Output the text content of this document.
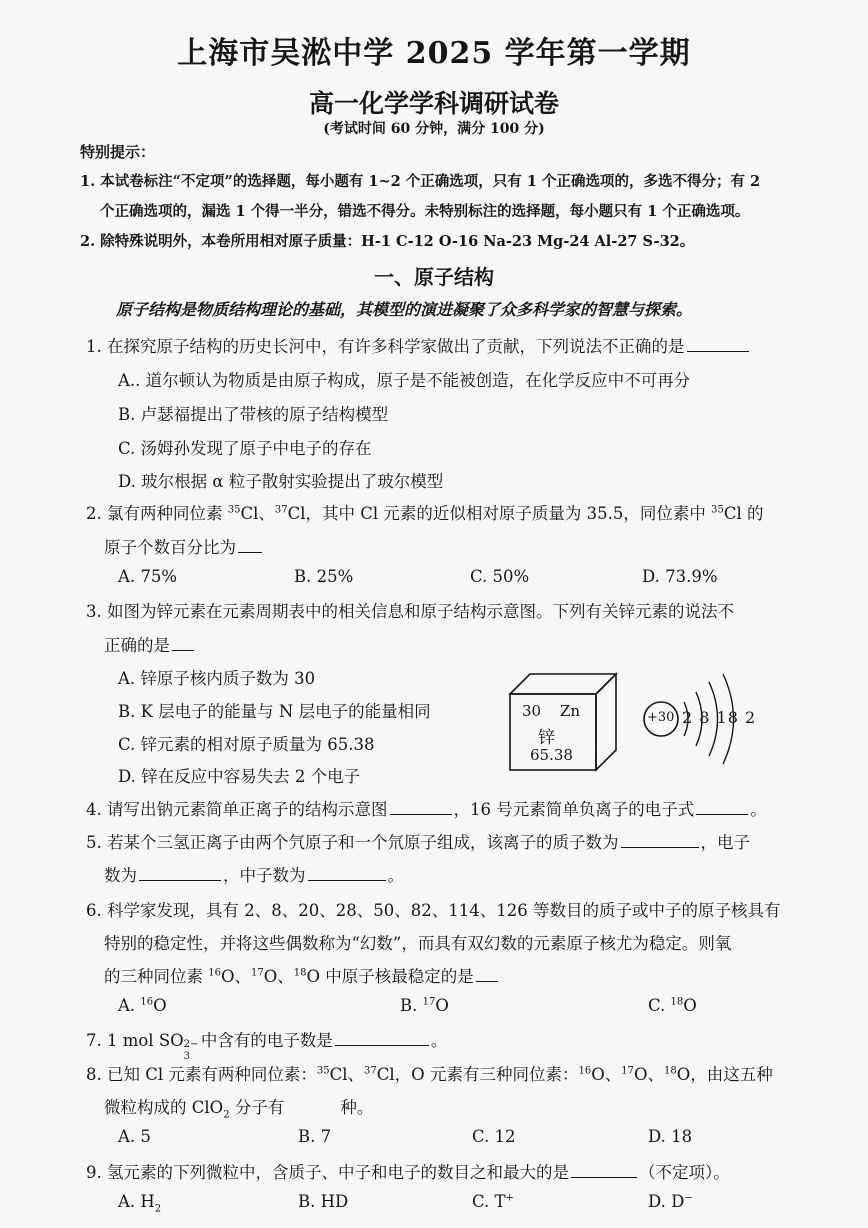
上海市吴淞中学 2025 学年第一学期
高一化学学科调研试卷
(考试时间 60 分钟，满分 100 分)
特别提示：
1. 本试卷标注“不定项”的选择题，每小题有 1~2 个正确选项，只有 1 个正确选项的，多选不得分；有 2
个正确选项的，漏选 1 个得一半分，错选不得分。未特别标注的选择题，每小题只有 1 个正确选项。
2. 除特殊说明外，本卷所用相对原子质量：H-1 C-12 O-16 Na-23 Mg-24 Al-27 S-32。
一、原子结构
原子结构是物质结构理论的基础，其模型的演进凝聚了众多科学家的智慧与探索。
1. 在探究原子结构的历史长河中，有许多科学家做出了贡献，下列说法不正确的是
A.. 道尔顿认为物质是由原子构成，原子是不能被创造，在化学反应中不可再分
B. 卢瑟福提出了带核的原子结构模型
C. 汤姆孙发现了原子中电子的存在
D. 玻尔根据 α 粒子散射实验提出了玻尔模型
2. 氯有两种同位素 $^{35}$Cl、$^{37}$Cl，其中 Cl 元素的近似相对原子质量为 35.5，同位素中 $^{35}$Cl 的
原子个数百分比为
A. 75%	B. 25%	C. 50%	D. 73.9%
3. 如图为锌元素在元素周期表中的相关信息和原子结构示意图。下列有关锌元素的说法不
正确的是
A. 锌原子核内质子数为 30
B. K 层电子的能量与 N 层电子的能量相同
C. 锌元素的相对原子质量为 65.38
D. 锌在反应中容易失去 2 个电子
30 Zn
锌
65.38
+30 2 8 18 2
4. 请写出钠元素简单正离子的结构示意图	，16 号元素简单负离子的电子式	。
5. 若某个三氢正离子由两个氕原子和一个氘原子组成，该离子的质子数为	，电子
数为	，中子数为	。
6. 科学家发现，具有 2、8、20、28、50、82、114、126 等数目的质子或中子的原子核具有
特别的稳定性，并将这些偶数称为“幻数”，而具有双幻数的元素原子核尤为稳定。则氧
的三种同位素 $^{16}$O、$^{17}$O、$^{18}$O 中原子核最稳定的是
A. $^{16}$O	B. $^{17}$O	C. $^{18}$O
7. 1 mol SO 2−
3
中含有的电子数是	。
8. 已知 Cl 元素有两种同位素：$^{35}$Cl、$^{37}$Cl，O 元素有三种同位素：$^{16}$O、$^{17}$O、$^{18}$O，由这五种
微粒构成的 ClO$_2$ 分子有	种。
A. 5	B. 7	C. 12	D. 18
9. 氢元素的下列微粒中，含质子、中子和电子的数目之和最大的是	（不定项）。
A. $H_2$	B. HD	C. T+	D. D−
